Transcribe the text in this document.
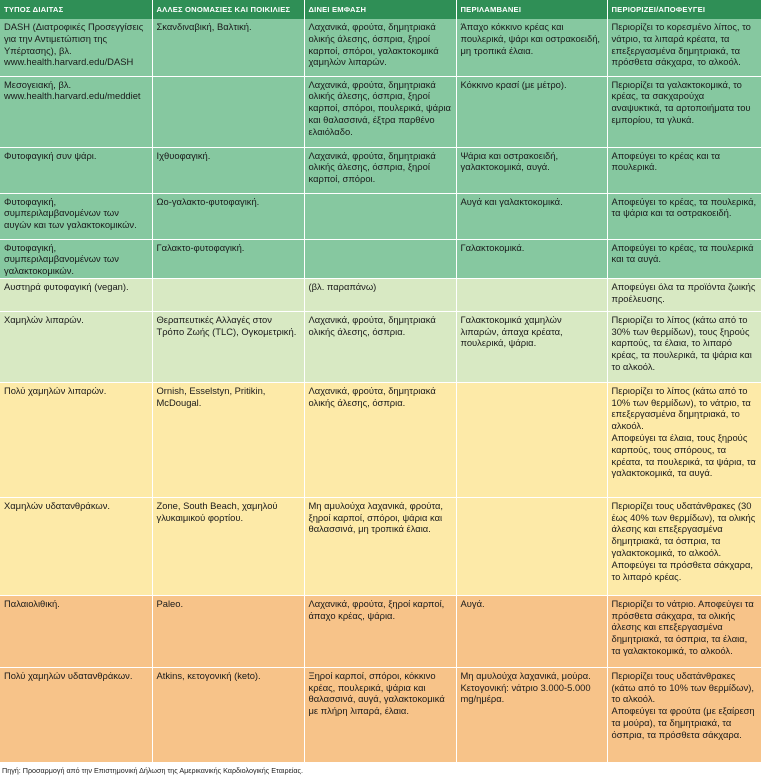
ΤΥΠΟΣ ΔΙΑΙΤΑΣ	ΑΛΛΕΣ ΟΝΟΜΑΣΙΕΣ ΚΑΙ ΠΟΙΚΙΛΙΕΣ	ΔΙΝΕΙ ΕΜΦΑΣΗ	ΠΕΡΙΛΑΜΒΑΝΕΙ	ΠΕΡΙΟΡΙΖΕΙ/ΑΠΟΦΕΥΓΕΙ
DASH (Διατροφικές Προσεγγίσεις για την Αντιμετώπιση της Υπέρτασης), βλ. www.health.harvard.edu/DASH	Σκανδιναβική, Βαλτική.	Λαχανικά, φρούτα, δημητριακά ολικής άλεσης, όσπρια, ξηροί καρποί, σπόροι, γαλακτοκομικά χαμηλών λιπαρών.	Άπαχο κόκκινο κρέας και πουλερικά, ψάρι και οστρακοειδή, μη τροπικά έλαια.	Περιορίζει το κορεσμένο λίπος, το νάτριο, τα λιπαρά κρέατα, τα επεξεργασμένα δημητριακά, τα πρόσθετα σάκχαρα, το αλκοόλ.

Μεσογειακή, βλ. www.health.harvard.edu/meddiet		Λαχανικά, φρούτα, δημητριακά ολικής άλεσης, όσπρια, ξηροί καρποί, σπόροι, πουλερικά, ψάρια και θαλασσινά, έξτρα παρθένο ελαιόλαδο.	Κόκκινο κρασί (με μέτρο).	Περιορίζει τα γαλακτοκομικά, το κρέας, τα σακχαρούχα αναψυκτικά, τα αρτοποιήματα του εμπορίου, τα γλυκά.

Φυτοφαγική συν ψάρι.	Ιχθυοφαγική.	Λαχανικά, φρούτα, δημητριακά ολικής άλεσης, όσπρια, ξηροί καρποί, σπόροι.	Ψάρια και οστρακοειδή, γαλακτοκομικά, αυγά.	Αποφεύγει το κρέας και τα πουλερικά.

Φυτοφαγική, συμπεριλαμβανομένων των αυγών και των γαλακτοκομικών.	Ωο-γαλακτο-φυτοφαγική.		Αυγά και γαλακτοκομικά.	Αποφεύγει το κρέας, τα πουλερικά, τα ψάρια και τα οστρακοειδή.

Φυτοφαγική, συμπεριλαμβανομένων των γαλακτοκομικών.	Γαλακτο-φυτοφαγική.		Γαλακτοκομικά.	Αποφεύγει το κρέας, τα πουλερικά και τα αυγά.

Αυστηρά φυτοφαγική (vegan).		(βλ. παραπάνω)		Αποφεύγει όλα τα προϊόντα ζωικής προέλευσης.

Χαμηλών λιπαρών.	Θεραπευτικές Αλλαγές στον Τρόπο Ζωής (TLC), Ογκομετρική.	Λαχανικά, φρούτα, δημητριακά ολικής άλεσης, όσπρια.	Γαλακτοκομικά χαμηλών λιπαρών, άπαχα κρέατα, πουλερικά, ψάρια.	Περιορίζει το λίπος (κάτω από το 30% των θερμίδων), τους ξηρούς καρπούς, τα έλαια, το λιπαρό κρέας, τα πουλερικά, τα ψάρια και το αλκοόλ.

Πολύ χαμηλών λιπαρών.	Ornish, Esselstyn, Pritikin, McDougal.	Λαχανικά, φρούτα, δημητριακά ολικής άλεσης, όσπρια.		Περιορίζει το λίπος (κάτω από το 10% των θερμίδων), το νάτριο, τα επεξεργασμένα δημητριακά, το αλκοόλ.
Αποφεύγει τα έλαια, τους ξηρούς καρπούς, τους σπόρους, τα κρέατα, τα πουλερικά, τα ψάρια, τα γαλακτοκομικά, τα αυγά.

Χαμηλών υδατανθράκων.	Zone, South Beach, χαμηλού γλυκαιμικού φορτίου.	Μη αμυλούχα λαχανικά, φρούτα, ξηροί καρποί, σπόροι, ψάρια και θαλασσινά, μη τροπικά έλαια.		Περιορίζει τους υδατάνθρακες (30 έως 40% των θερμίδων), τα ολικής άλεσης και επεξεργασμένα δημητριακά, τα όσπρια, τα γαλακτοκομικά, το αλκοόλ.
Αποφεύγει τα πρόσθετα σάκχαρα, το λιπαρό κρέας.

Παλαιολιθική.	Paleo.	Λαχανικά, φρούτα, ξηροί καρποί, άπαχο κρέας, ψάρια.	Αυγά.	Περιορίζει το νάτριο. Αποφεύγει τα πρόσθετα σάκχαρα, τα ολικής άλεσης και επεξεργασμένα δημητριακά, τα όσπρια, τα έλαια, τα γαλακτοκομικά, το αλκοόλ.

Πολύ χαμηλών υδατανθράκων.	Atkins, κετογονική (keto).	Ξηροί καρποί, σπόροι, κόκκινο κρέας, πουλερικά, ψάρια και θαλασσινά, αυγά, γαλακτοκομικά με πλήρη λιπαρά, έλαια.	Μη αμυλούχα λαχανικά, μούρα. Κετογονική: νάτριο 3.000-5.000 mg/ημέρα.	Περιορίζει τους υδατάνθρακες (κάτω από το 10% των θερμίδων), το αλκοόλ.
Αποφεύγει τα φρούτα (με εξαίρεση τα μούρα), τα δημητριακά, τα όσπρια, τα πρόσθετα σάκχαρα.
Πηγή: Προσαρμογή από την Επιστημονική Δήλωση της Αμερικανικής Καρδιολογικής Εταιρείας.
